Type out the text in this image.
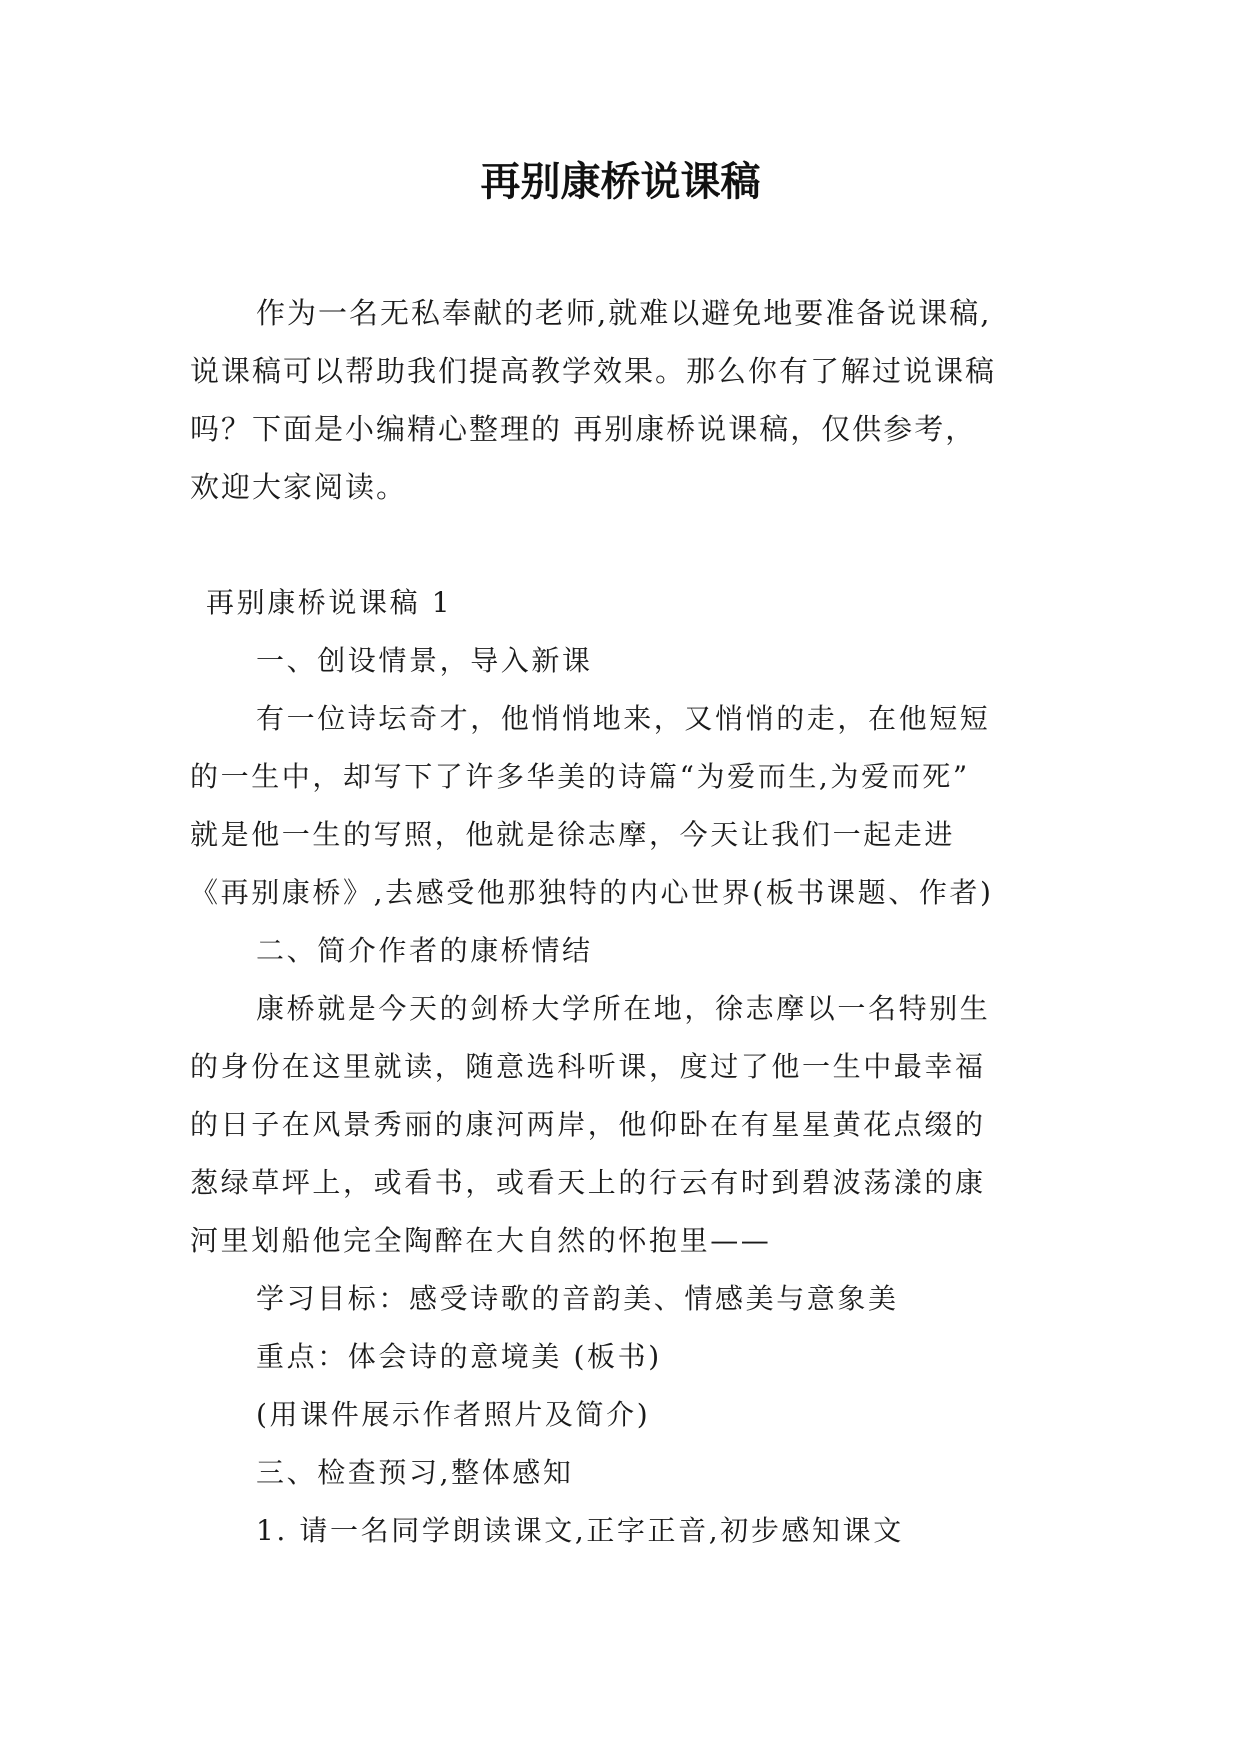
再别康桥说课稿

作为一名无私奉献的老师,就难以避免地要准备说课稿,

说课稿可以帮助我们提高教学效果。那么你有了解过说课稿

吗？下面是小编精心整理的 再别康桥说课稿，仅供参考，

欢迎大家阅读。

再别康桥说课稿 1

一、创设情景，导入新课

有一位诗坛奇才，他悄悄地来，又悄悄的走，在他短短

的一生中，却写下了许多华美的诗篇“为爱而生,为爱而死”

就是他一生的写照，他就是徐志摩，今天让我们一起走进

《再别康桥》,去感受他那独特的内心世界(板书课题、作者)

二、简介作者的康桥情结

康桥就是今天的剑桥大学所在地，徐志摩以一名特别生

的身份在这里就读，随意选科听课，度过了他一生中最幸福

的日子在风景秀丽的康河两岸，他仰卧在有星星黄花点缀的

葱绿草坪上，或看书，或看天上的行云有时到碧波荡漾的康

河里划船他完全陶醉在大自然的怀抱里——

学习目标：感受诗歌的音韵美、情感美与意象美

重点：体会诗的意境美 (板书)

(用课件展示作者照片及简介)

三、检查预习,整体感知

1. 请一名同学朗读课文,正字正音,初步感知课文
